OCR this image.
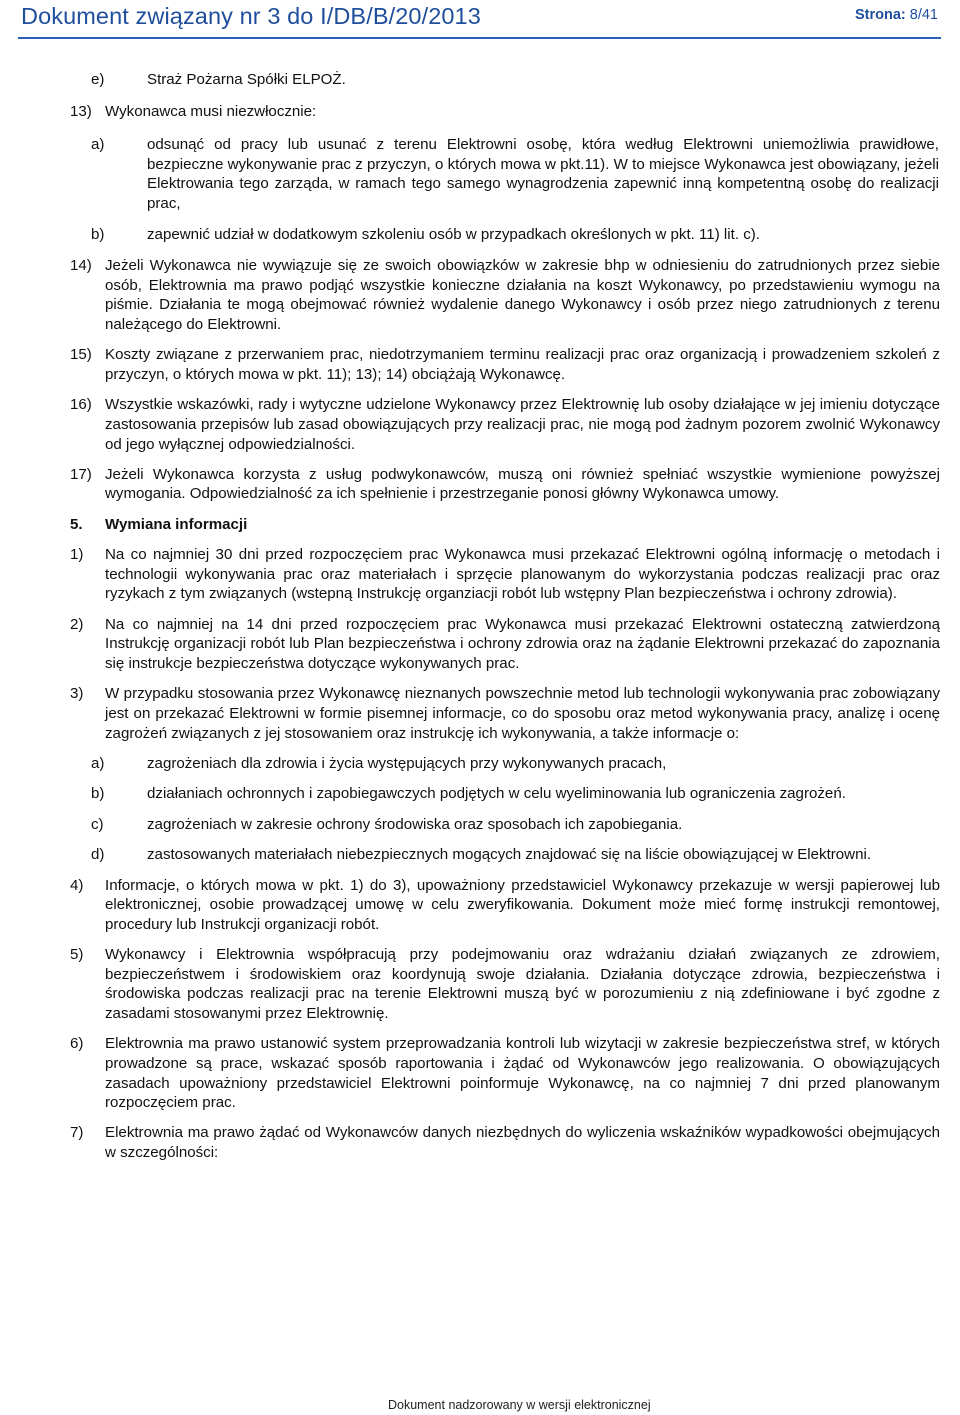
Dokument związany nr 3 do I/DB/B/20/2013	Strona: 8/41
e)	Straż Pożarna Spółki ELPOŻ.
13) Wykonawca musi niezwłocznie:
a)	odsunąć od pracy lub usunać z terenu Elektrowni osobę, która według Elektrowni uniemożliwia prawidłowe, bezpieczne wykonywanie prac z przyczyn, o których mowa w pkt.11). W to miejsce Wykonawca jest obowiązany, jeżeli Elektrowania tego zarząda, w ramach tego samego wynagrodzenia zapewnić inną kompetentną osobę do realizacji prac,
b)	zapewnić udział w dodatkowym szkoleniu osób w przypadkach określonych w pkt. 11) lit. c).
14) Jeżeli Wykonawca nie wywiązuje się ze swoich obowiązków w zakresie bhp w odniesieniu do zatrudnionych przez siebie osób, Elektrownia ma prawo podjąć wszystkie konieczne działania na koszt Wykonawcy, po przedstawieniu wymogu na piśmie. Działania te mogą obejmować również wydalenie danego Wykonawcy i osób przez niego zatrudnionych z terenu należącego do Elektrowni.
15) Koszty związane z przerwaniem prac, niedotrzymaniem terminu realizacji prac oraz organizacją i prowadzeniem szkoleń z przyczyn, o których mowa w pkt. 11); 13); 14) obciążają Wykonawcę.
16) Wszystkie wskazówki, rady i wytyczne udzielone Wykonawcy przez Elektrownię lub osoby działające w jej imieniu dotyczące zastosowania przepisów lub zasad obowiązujących przy realizacji prac, nie mogą pod żadnym pozorem zwolnić Wykonawcy od jego wyłącznej odpowiedzialności.
17) Jeżeli Wykonawca korzysta z usług podwykonawców, muszą oni również spełniać wszystkie wymienione powyższej wymogania. Odpowiedzialność za ich spełnienie i przestrzeganie ponosi główny Wykonawca umowy.
5. Wymiana informacji
1) Na co najmniej 30 dni przed rozpoczęciem prac Wykonawca musi przekazać Elektrowni ogólną informację o metodach i technologii wykonywania prac oraz materiałach i sprzęcie planowanym do wykorzystania podczas realizacji prac oraz ryzykach z tym związanych (wstepną Instrukcję organziacji robót lub wstępny Plan bezpieczeństwa i ochrony zdrowia).
2) Na co najmniej na 14 dni przed rozpoczęciem prac Wykonawca musi przekazać Elektrowni ostateczną zatwierdzoną Instrukcję organizacji robót lub Plan bezpieczeństwa i ochrony zdrowia oraz na żądanie Elektrowni przekazać do zapoznania się instrukcje bezpieczeństwa dotyczące wykonywanych prac.
3) W przypadku stosowania przez Wykonawcę nieznanych powszechnie metod lub technologii wykonywania prac zobowiązany jest on przekazać Elektrowni w formie pisemnej informacje, co do sposobu oraz metod wykonywania pracy, analizę i ocenę zagrożeń związanych z jej stosowaniem oraz instrukcję ich wykonywania, a także informacje o:
a)	zagrożeniach dla zdrowia i życia występujących przy wykonywanych pracach,
b)	działaniach ochronnych i zapobiegawczych podjętych w celu wyeliminowania lub ograniczenia zagrożeń.
c)	zagrożeniach w zakresie ochrony środowiska oraz sposobach ich zapobiegania.
d)	zastosowanych materiałach niebezpiecznych mogących znajdować się na liście obowiązującej w Elektrowni.
4) Informacje, o których mowa w pkt. 1) do 3), upoważniony przedstawiciel Wykonawcy przekazuje w wersji papierowej lub elektronicznej, osobie prowadzącej umowę w celu zweryfikowania. Dokument może mieć formę instrukcji remontowej, procedury lub Instrukcji organizacji robót.
5) Wykonawcy i Elektrownia współpracują przy podejmowaniu oraz wdrażaniu działań związanych ze zdrowiem, bezpieczeństwem i środowiskiem oraz koordynują swoje działania. Działania dotyczące zdrowia, bezpieczeństwa i środowiska podczas realizacji prac na terenie Elektrowni muszą być w porozumieniu z nią zdefiniowane i być zgodne z zasadami stosowanymi przez Elektrownię.
6) Elektrownia ma prawo ustanowić system przeprowadzania kontroli lub wizytacji w zakresie bezpieczeństwa stref, w których prowadzone są prace, wskazać sposób raportowania i żądać od Wykonawców jego realizowania. O obowiązujących zasadach upoważniony przedstawiciel Elektrowni poinformuje Wykonawcę, na co najmniej 7 dni przed planowanym rozpoczęciem prac.
7) Elektrownia ma prawo żądać od Wykonawców danych niezbędnych do wyliczenia wskaźników wypadkowości obejmujących w szczególności:
Dokument nadzorowany w wersji elektronicznej
